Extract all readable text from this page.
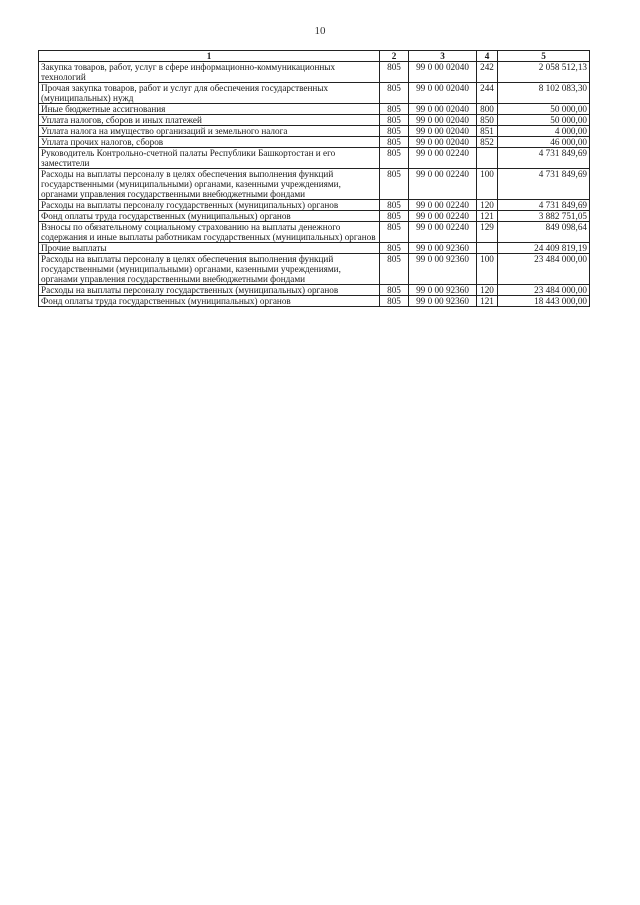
10
1	2	3	4	5
Закупка товаров, работ, услуг в сфере информационно-коммуникационных технологий	805	99 0 00 02040	242	2 058 512,13
Прочая закупка товаров, работ и услуг для обеспечения государственных (муниципальных) нужд	805	99 0 00 02040	244	8 102 083,30
Иные бюджетные ассигнования	805	99 0 00 02040	800	50 000,00
Уплата налогов, сборов и иных платежей	805	99 0 00 02040	850	50 000,00
Уплата налога на имущество организаций и земельного налога	805	99 0 00 02040	851	4 000,00
Уплата прочих налогов, сборов	805	99 0 00 02040	852	46 000,00
Руководитель Контрольно-счетной палаты Республики Башкортостан и его заместители	805	99 0 00 02240		4 731 849,69
Расходы на выплаты персоналу в целях обеспечения выполнения функций государственными (муниципальными) органами, казенными учреждениями, органами управления государственными внебюджетными фондами	805	99 0 00 02240	100	4 731 849,69
Расходы на выплаты персоналу государственных (муниципальных) органов	805	99 0 00 02240	120	4 731 849,69
Фонд оплаты труда государственных (муниципальных) органов	805	99 0 00 02240	121	3 882 751,05
Взносы по обязательному социальному страхованию на выплаты денежного содержания и иные выплаты работникам государственных (муниципальных) органов	805	99 0 00 02240	129	849 098,64
Прочие выплаты	805	99 0 00 92360		24 409 819,19
Расходы на выплаты персоналу в целях обеспечения выполнения функций государственными (муниципальными) органами, казенными учреждениями, органами управления государственными внебюджетными фондами	805	99 0 00 92360	100	23 484 000,00
Расходы на выплаты персоналу государственных (муниципальных) органов	805	99 0 00 92360	120	23 484 000,00
Фонд оплаты труда государственных (муниципальных) органов	805	99 0 00 92360	121	18 443 000,00
